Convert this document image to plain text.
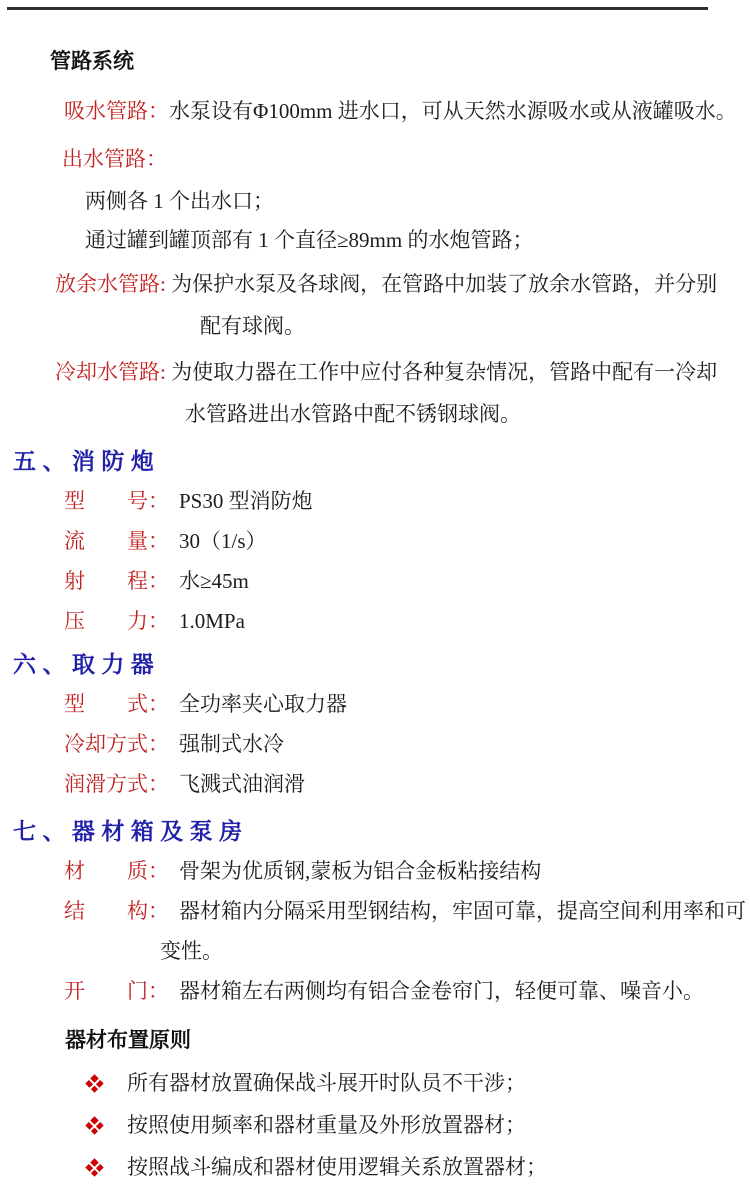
管路系统

吸水管路：水泵设有Φ100mm 进水口，可从天然水源吸水或从液罐吸水。

出水管路：

两侧各 1 个出水口；

通过罐到罐顶部有 1 个直径≥89mm 的水炮管路；

放余水管路: 为保护水泵及各球阀，在管路中加装了放余水管路，并分别

配有球阀。

冷却水管路: 为使取力器在工作中应付各种复杂情况，管路中配有一冷却

水管路进出水管路中配不锈钢球阀。

五、消防炮

型　　号： PS30 型消防炮

流　　量： 30（1/s）

射　　程： 水≥45m

压　　力： 1.0MPa

六、取力器

型　　式： 全功率夹心取力器

冷却方式： 强制式水冷

润滑方式： 飞溅式油润滑

七、器材箱及泵房

材　　质： 骨架为优质钢,蒙板为铝合金板粘接结构

结　　构： 器材箱内分隔采用型钢结构，牢固可靠，提高空间利用率和可

变性。

开　　门： 器材箱左右两侧均有铝合金卷帘门，轻便可靠、噪音小。

器材布置原则

所有器材放置确保战斗展开时队员不干涉；
按照使用频率和器材重量及外形放置器材；
按照战斗编成和器材使用逻辑关系放置器材；
